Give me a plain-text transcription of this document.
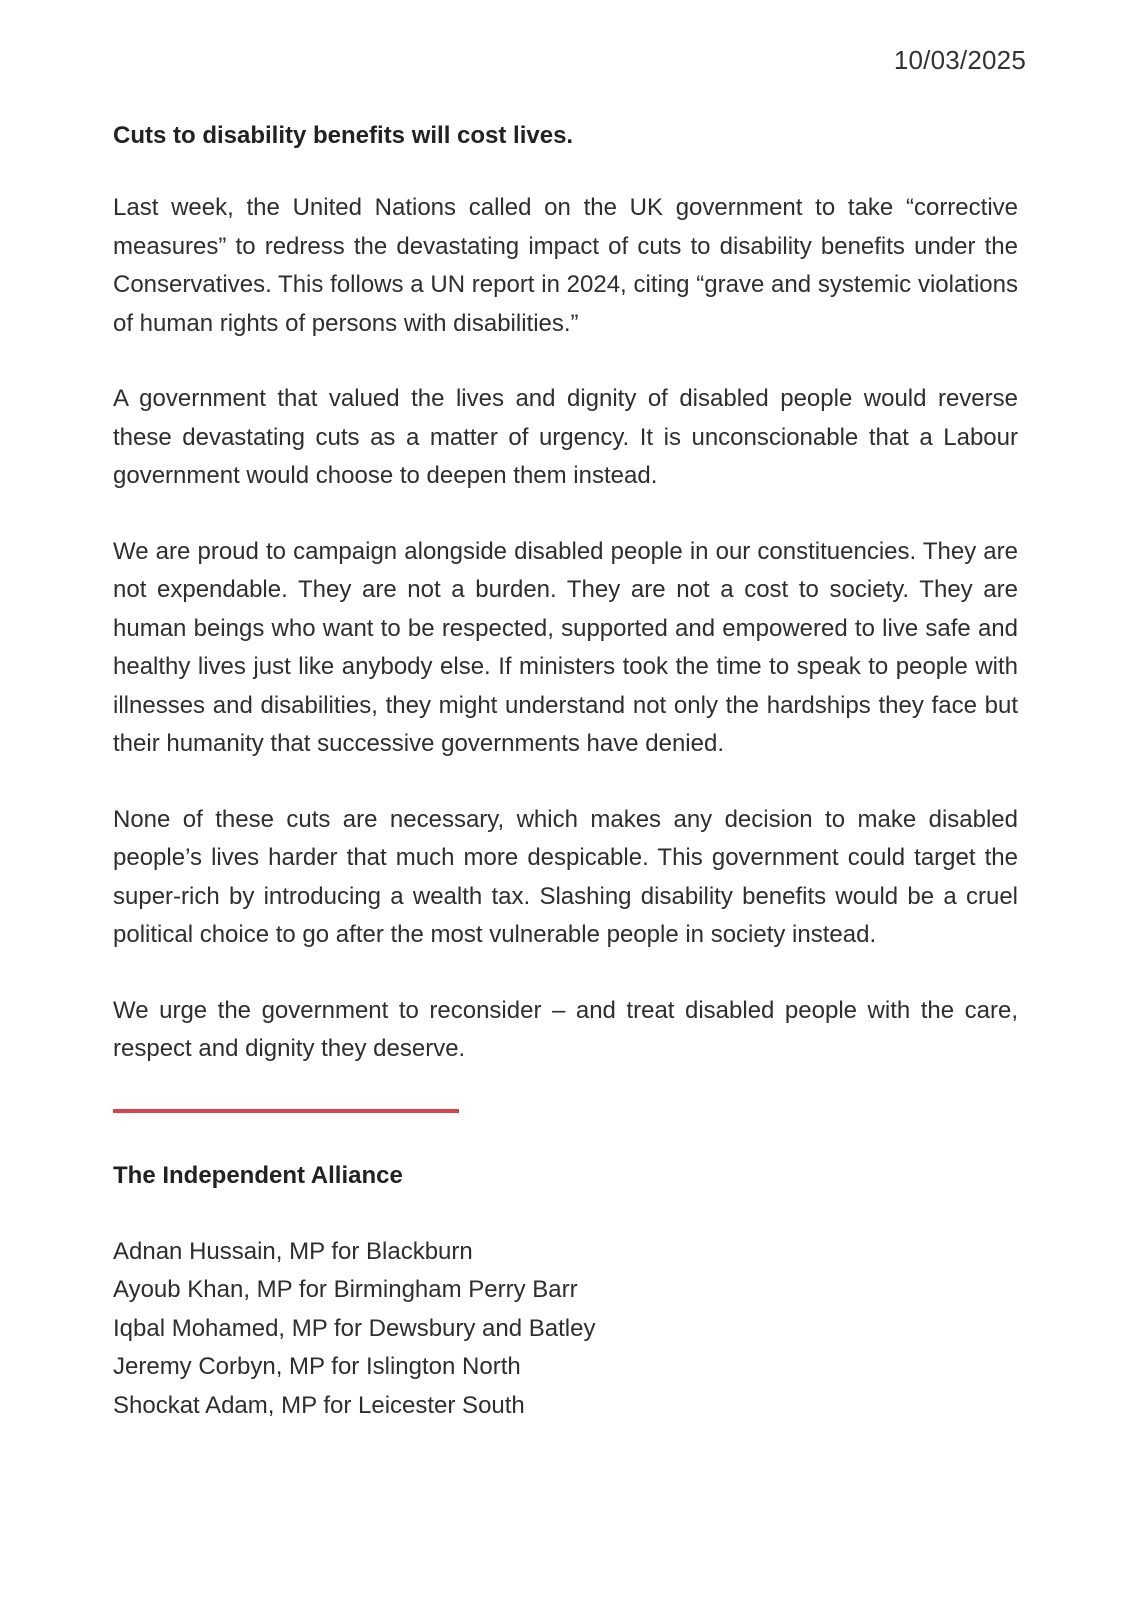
10/03/2025
Cuts to disability benefits will cost lives.

Last week, the United Nations called on the UK government to take “corrective measures” to redress the devastating impact of cuts to disability benefits under the Conservatives. This follows a UN report in 2024, citing “grave and systemic violations of human rights of persons with disabilities.”

A government that valued the lives and dignity of disabled people would reverse these devastating cuts as a matter of urgency. It is unconscionable that a Labour government would choose to deepen them instead.

We are proud to campaign alongside disabled people in our constituencies. They are not expendable. They are not a burden. They are not a cost to society. They are human beings who want to be respected, supported and empowered to live safe and healthy lives just like anybody else. If ministers took the time to speak to people with illnesses and disabilities, they might understand not only the hardships they face but their humanity that successive governments have denied.

None of these cuts are necessary, which makes any decision to make disabled people’s lives harder that much more despicable. This government could target the super-rich by introducing a wealth tax. Slashing disability benefits would be a cruel political choice to go after the most vulnerable people in society instead.

We urge the government to reconsider – and treat disabled people with the care, respect and dignity they deserve.

The Independent Alliance
Adnan Hussain, MP for Blackburn
Ayoub Khan, MP for Birmingham Perry Barr
Iqbal Mohamed, MP for Dewsbury and Batley
Jeremy Corbyn, MP for Islington North
Shockat Adam, MP for Leicester South
